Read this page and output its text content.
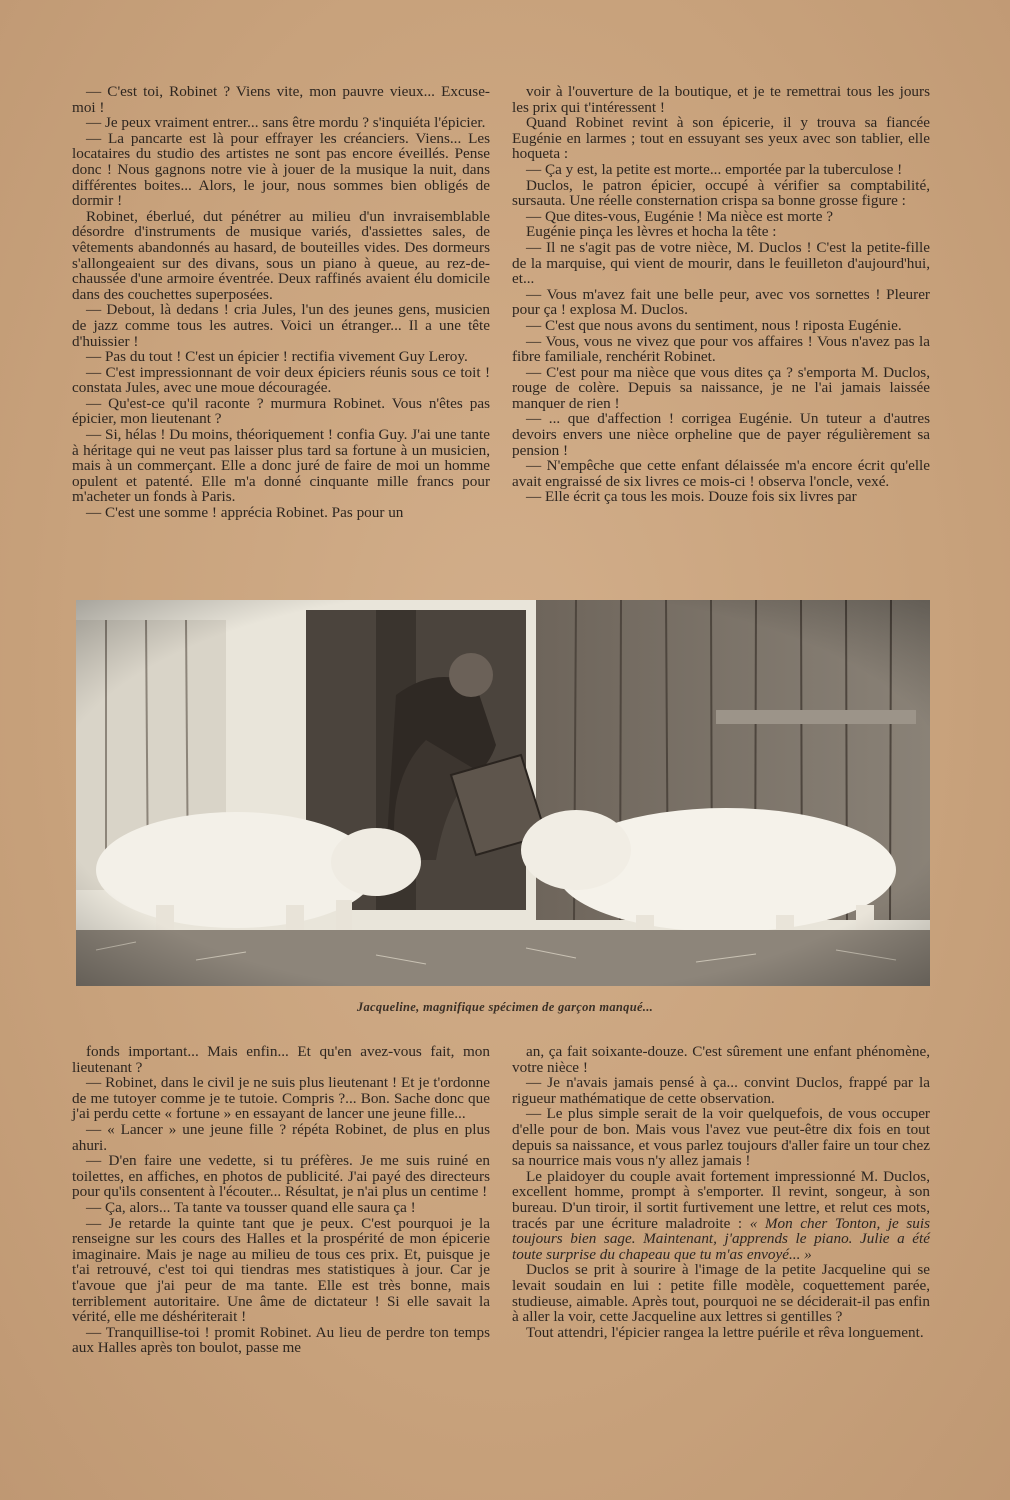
— C'est toi, Robinet ? Viens vite, mon pauvre vieux... Excuse-moi !

— Je peux vraiment entrer... sans être mordu ? s'inquiéta l'épicier.

— La pancarte est là pour effrayer les créanciers. Viens... Les locataires du studio des artistes ne sont pas encore éveillés. Pense donc ! Nous gagnons notre vie à jouer de la musique la nuit, dans différentes boites... Alors, le jour, nous sommes bien obligés de dormir !

Robinet, éberlué, dut pénétrer au milieu d'un invraisemblable désordre d'instruments de musique variés, d'assiettes sales, de vêtements abandonnés au hasard, de bouteilles vides. Des dormeurs s'allongeaient sur des divans, sous un piano à queue, au rez-de-chaussée d'une armoire éventrée. Deux raffinés avaient élu domicile dans des couchettes superposées.

— Debout, là dedans ! cria Jules, l'un des jeunes gens, musicien de jazz comme tous les autres. Voici un étranger... Il a une tête d'huissier !

— Pas du tout ! C'est un épicier ! rectifia vivement Guy Leroy.

— C'est impressionnant de voir deux épiciers réunis sous ce toit ! constata Jules, avec une moue découragée.

— Qu'est-ce qu'il raconte ? murmura Robinet. Vous n'êtes pas épicier, mon lieutenant ?

— Si, hélas ! Du moins, théoriquement ! confia Guy. J'ai une tante à héritage qui ne veut pas laisser plus tard sa fortune à un musicien, mais à un commerçant. Elle a donc juré de faire de moi un homme opulent et patenté. Elle m'a donné cinquante mille francs pour m'acheter un fonds à Paris.

— C'est une somme ! apprécia Robinet. Pas pour un

voir à l'ouverture de la boutique, et je te remettrai tous les jours les prix qui t'intéressent !

Quand Robinet revint à son épicerie, il y trouva sa fiancée Eugénie en larmes ; tout en essuyant ses yeux avec son tablier, elle hoqueta :

— Ça y est, la petite est morte... emportée par la tuberculose !

Duclos, le patron épicier, occupé à vérifier sa comptabilité, sursauta. Une réelle consternation crispa sa bonne grosse figure :

— Que dites-vous, Eugénie ! Ma nièce est morte ?

Eugénie pinça les lèvres et hocha la tête :

— Il ne s'agit pas de votre nièce, M. Duclos ! C'est la petite-fille de la marquise, qui vient de mourir, dans le feuilleton d'aujourd'hui, et...

— Vous m'avez fait une belle peur, avec vos sornettes ! Pleurer pour ça ! explosa M. Duclos.

— C'est que nous avons du sentiment, nous ! riposta Eugénie.

— Vous, vous ne vivez que pour vos affaires ! Vous n'avez pas la fibre familiale, renchérit Robinet.

— C'est pour ma nièce que vous dites ça ? s'emporta M. Duclos, rouge de colère. Depuis sa naissance, je ne l'ai jamais laissée manquer de rien !

— ... que d'affection ! corrigea Eugénie. Un tuteur a d'autres devoirs envers une nièce orpheline que de payer régulièrement sa pension !

— N'empêche que cette enfant délaissée m'a encore écrit qu'elle avait engraissé de six livres ce mois-ci ! observa l'oncle, vexé.

— Elle écrit ça tous les mois. Douze fois six livres par

Jacqueline, magnifique spécimen de garçon manqué...

fonds important... Mais enfin... Et qu'en avez-vous fait, mon lieutenant ?

— Robinet, dans le civil je ne suis plus lieutenant ! Et je t'ordonne de me tutoyer comme je te tutoie. Compris ?... Bon. Sache donc que j'ai perdu cette « fortune » en essayant de lancer une jeune fille...

— « Lancer » une jeune fille ? répéta Robinet, de plus en plus ahuri.

— D'en faire une vedette, si tu préfères. Je me suis ruiné en toilettes, en affiches, en photos de publicité. J'ai payé des directeurs pour qu'ils consentent à l'écouter... Résultat, je n'ai plus un centime !

— Ça, alors... Ta tante va tousser quand elle saura ça !

— Je retarde la quinte tant que je peux. C'est pourquoi je la renseigne sur les cours des Halles et la prospérité de mon épicerie imaginaire. Mais je nage au milieu de tous ces prix. Et, puisque je t'ai retrouvé, c'est toi qui tiendras mes statistiques à jour. Car je t'avoue que j'ai peur de ma tante. Elle est très bonne, mais terriblement autoritaire. Une âme de dictateur ! Si elle savait la vérité, elle me déshériterait !

— Tranquillise-toi ! promit Robinet. Au lieu de perdre ton temps aux Halles après ton boulot, passe me

an, ça fait soixante-douze. C'est sûrement une enfant phénomène, votre nièce !

— Je n'avais jamais pensé à ça... convint Duclos, frappé par la rigueur mathématique de cette observation.

— Le plus simple serait de la voir quelquefois, de vous occuper d'elle pour de bon. Mais vous l'avez vue peut-être dix fois en tout depuis sa naissance, et vous parlez toujours d'aller faire un tour chez sa nourrice mais vous n'y allez jamais !

Le plaidoyer du couple avait fortement impressionné M. Duclos, excellent homme, prompt à s'emporter. Il revint, songeur, à son bureau. D'un tiroir, il sortit furtivement une lettre, et relut ces mots, tracés par une écriture maladroite : « Mon cher Tonton, je suis toujours bien sage. Maintenant, j'apprends le piano. Julie a été toute surprise du chapeau que tu m'as envoyé... »

Duclos se prit à sourire à l'image de la petite Jacqueline qui se levait soudain en lui : petite fille modèle, coquettement parée, studieuse, aimable. Après tout, pourquoi ne se déciderait-il pas enfin à aller la voir, cette Jacqueline aux lettres si gentilles ?

Tout attendri, l'épicier rangea la lettre puérile et rêva longuement.
